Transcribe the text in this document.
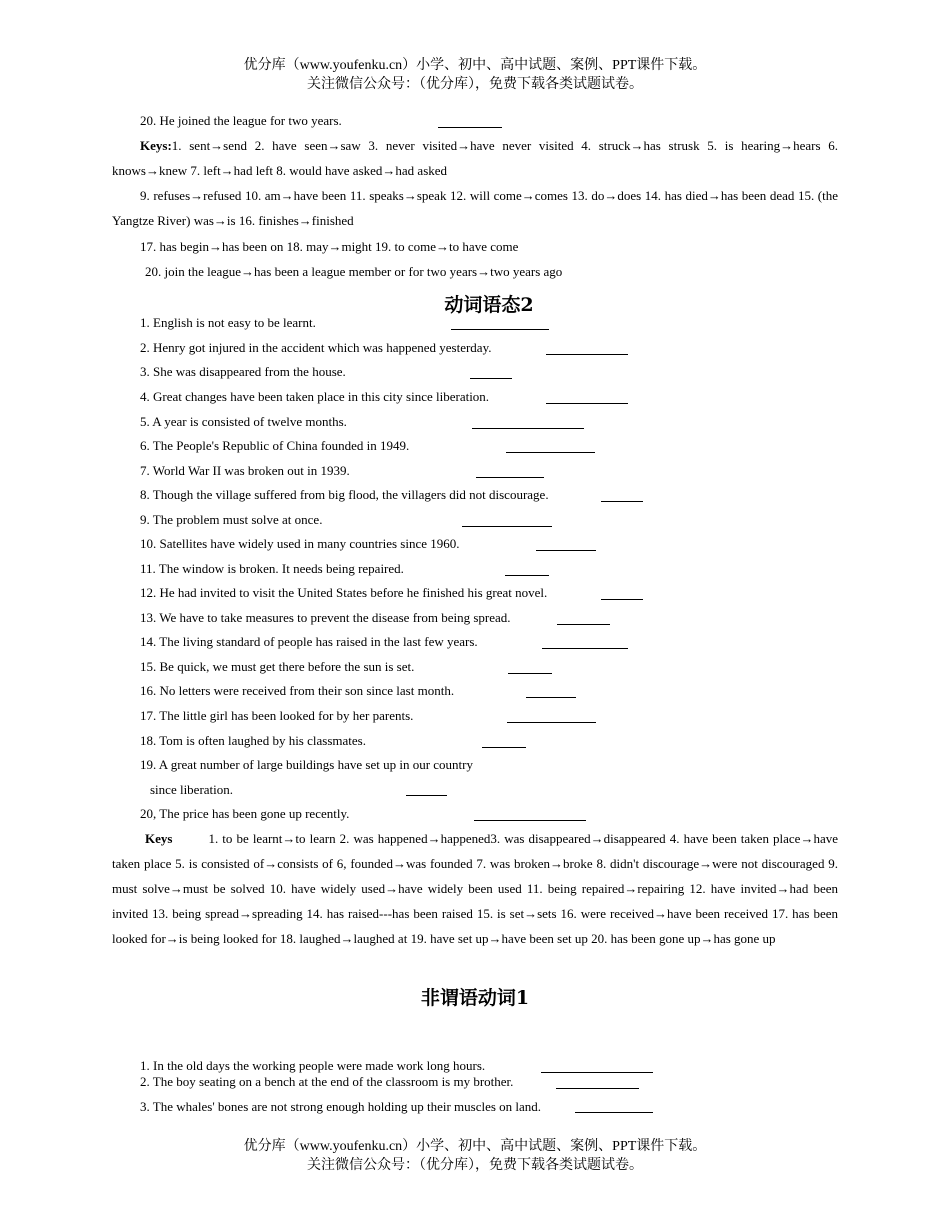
优分库（www.youfenku.cn）小学、初中、高中试题、案例、PPT课件下载。
关注微信公众号：（优分库），免费下载各类试题试卷。
20. He joined the league for two years.
Keys:1. sent→send 2. have seen→saw 3. never visited→have never visited 4. struck→has strusk 5. is hearing→hears 6. knows→knew 7. left→had left 8. would have asked→had asked
9. refuses→refused 10. am→have been 11. speaks→speak 12. will come→comes 13. do→does 14. has died→has been dead 15. (the Yangtze River) was→is 16. finishes→finished
17. has begin→has been on 18. may→might 19. to come→to have come
20. join the league→has been a league member or for two years→two years ago
动词语态2
1. English is not easy to be learnt.
2. Henry got injured in the accident which was happened yesterday.
3. She was disappeared from the house.
4. Great changes have been taken place in this city since liberation.
5. A year is consisted of twelve months.
6. The People's Republic of China founded in 1949.
7. World War II was broken out in 1939.
8. Though the village suffered from big flood, the villagers did not discourage.
9. The problem must solve at once.
10. Satellites have widely used in many countries since 1960.
11. The window is broken. It needs being repaired.
12. He had invited to visit the United States before he finished his great novel.
13. We have to take measures to prevent the disease from being spread.
14. The living standard of people has raised in the last few years.
15. Be quick, we must get there before the sun is set.
16. No letters were received from their son since last month.
17. The little girl has been looked for by her parents.
18. Tom is often laughed by his classmates.
19. A great number of large buildings have set up in our country
since liberation.
20, The price has been gone up recently.
Keys	1. to be learnt→to learn 2. was happened→happened3. was disappeared→disappeared 4. have been taken place→have taken place 5. is consisted of→consists of 6, founded→was founded 7. was broken→broke 8. didn't discourage→were not discouraged 9. must solve→must be solved 10. have widely used→have widely been used 11. being repaired→repairing 12. have invited→had been invited 13. being spread→spreading 14. has raised---has been raised 15. is set→sets 16. were received→have been received 17. has been looked for→is being looked for 18. laughed→laughed at 19. have set up→have been set up 20. has been gone up→has gone up
非谓语动词1
1. In the old days the working people were made work long hours.
2. The boy seating on a bench at the end of the classroom is my brother.
3. The whales' bones are not strong enough holding up their muscles on land.
优分库（www.youfenku.cn）小学、初中、高中试题、案例、PPT课件下载。
关注微信公众号：（优分库），免费下载各类试题试卷。
